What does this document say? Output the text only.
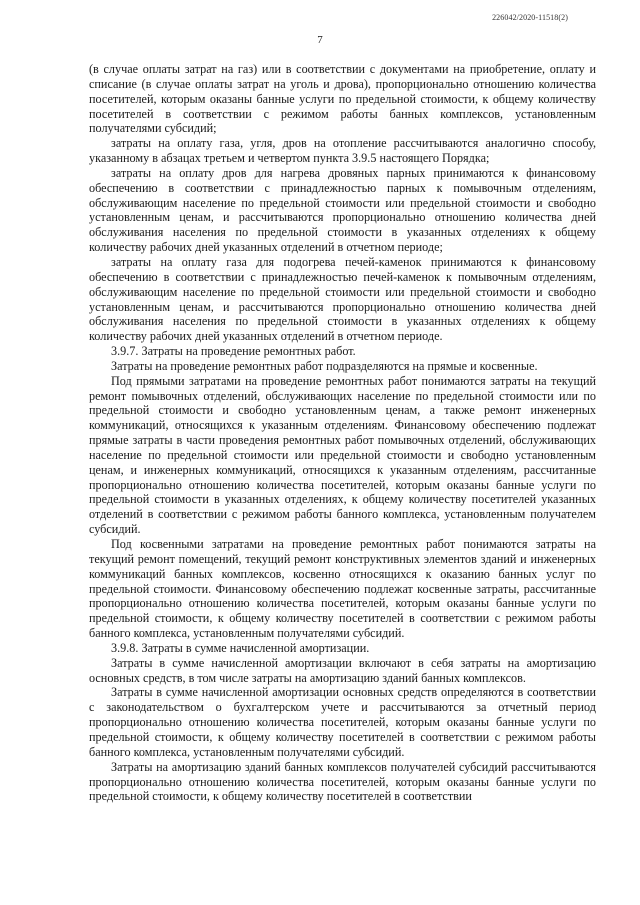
226042/2020-11518(2)
7

(в случае оплаты затрат на газ) или в соответствии с документами на приобретение, оплату и списание (в случае оплаты затрат на уголь и дрова), пропорционально отношению количества посетителей, которым оказаны банные услуги по предельной стоимости, к общему количеству посетителей в соответствии с режимом работы банных комплексов, установленным получателями субсидий;

затраты на оплату газа, угля, дров на отопление рассчитываются аналогично способу, указанному в абзацах третьем и четвертом пункта 3.9.5 настоящего Порядка;

затраты на оплату дров для нагрева дровяных парных принимаются к финансовому обеспечению в соответствии с принадлежностью парных к помывочным отделениям, обслуживающим население по предельной стоимости или предельной стоимости и свободно установленным ценам, и рассчитываются пропорционально отношению количества дней обслуживания населения по предельной стоимости в указанных отделениях к общему количеству рабочих дней указанных отделений в отчетном периоде;

затраты на оплату газа для подогрева печей-каменок принимаются к финансовому обеспечению в соответствии с принадлежностью печей-каменок к помывочным отделениям, обслуживающим население по предельной стоимости или предельной стоимости и свободно установленным ценам, и рассчитываются пропорционально отношению количества дней обслуживания населения по предельной стоимости в указанных отделениях к общему количеству рабочих дней указанных отделений в отчетном периоде.

3.9.7. Затраты на проведение ремонтных работ.

Затраты на проведение ремонтных работ подразделяются на прямые и косвенные.

Под прямыми затратами на проведение ремонтных работ понимаются затраты на текущий ремонт помывочных отделений, обслуживающих население по предельной стоимости или по предельной стоимости и свободно установленным ценам, а также ремонт инженерных коммуникаций, относящихся к указанным отделениям. Финансовому обеспечению подлежат прямые затраты в части проведения ремонтных работ помывочных отделений, обслуживающих население по предельной стоимости или предельной стоимости и свободно установленным ценам, и инженерных коммуникаций, относящихся к указанным отделениям, рассчитанные пропорционально отношению количества посетителей, которым оказаны банные услуги по предельной стоимости в указанных отделениях, к общему количеству посетителей указанных отделений в соответствии с режимом работы банного комплекса, установленным получателем субсидий.

Под косвенными затратами на проведение ремонтных работ понимаются затраты на текущий ремонт помещений, текущий ремонт конструктивных элементов зданий и инженерных коммуникаций банных комплексов, косвенно относящихся к оказанию банных услуг по предельной стоимости. Финансовому обеспечению подлежат косвенные затраты, рассчитанные пропорционально отношению количества посетителей, которым оказаны банные услуги по предельной стоимости, к общему количеству посетителей в соответствии с режимом работы банного комплекса, установленным получателями субсидий.

3.9.8. Затраты в сумме начисленной амортизации.

Затраты в сумме начисленной амортизации включают в себя затраты на амортизацию основных средств, в том числе затраты на амортизацию зданий банных комплексов.

Затраты в сумме начисленной амортизации основных средств определяются в соответствии с законодательством о бухгалтерском учете и рассчитываются за отчетный период пропорционально отношению количества посетителей, которым оказаны банные услуги по предельной стоимости, к общему количеству посетителей в соответствии с режимом работы банного комплекса, установленным получателями субсидий.

Затраты на амортизацию зданий банных комплексов получателей субсидий рассчитываются пропорционально отношению количества посетителей, которым оказаны банные услуги по предельной стоимости, к общему количеству посетителей в соответствии
